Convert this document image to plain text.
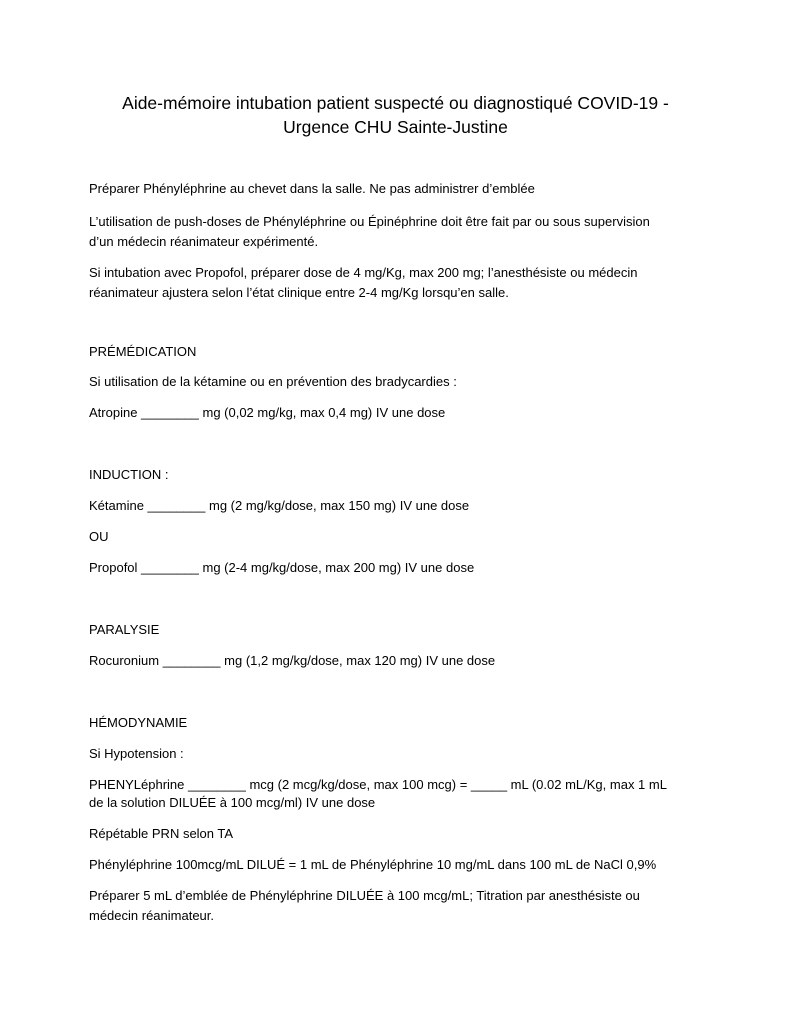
Aide-mémoire intubation patient suspecté ou diagnostiqué COVID-19 -
Urgence CHU Sainte-Justine
Préparer Phényléphrine au chevet dans la salle. Ne pas administrer d’emblée
L’utilisation de push-doses de Phényléphrine ou Épinéphrine doit être fait par ou sous supervision
d’un médecin réanimateur expérimenté.
Si intubation avec Propofol, préparer dose de 4 mg/Kg, max 200 mg; l’anesthésiste ou médecin
réanimateur ajustera selon l’état clinique entre 2-4 mg/Kg lorsqu’en salle.
PRÉMÉDICATION
Si utilisation de la kétamine ou en prévention des bradycardies :
Atropine ________ mg (0,02 mg/kg, max 0,4 mg) IV une dose
INDUCTION :
Kétamine ________ mg (2 mg/kg/dose, max 150 mg) IV une dose
OU
Propofol ________ mg (2-4 mg/kg/dose, max 200 mg) IV une dose
PARALYSIE
Rocuronium ________ mg (1,2 mg/kg/dose, max 120 mg) IV une dose
HÉMODYNAMIE
Si Hypotension :
PHENYLéphrine ________ mcg (2 mcg/kg/dose, max 100 mcg) = _____ mL (0.02 mL/Kg, max 1 mL
de la solution DILUÉE à 100 mcg/ml) IV une dose
Répétable PRN selon TA
Phényléphrine 100mcg/mL DILUÉ = 1 mL de Phényléphrine 10 mg/mL dans 100 mL de NaCl 0,9%
Préparer 5 mL d’emblée de Phényléphrine DILUÉE à 100 mcg/mL; Titration par anesthésiste ou
médecin réanimateur.
